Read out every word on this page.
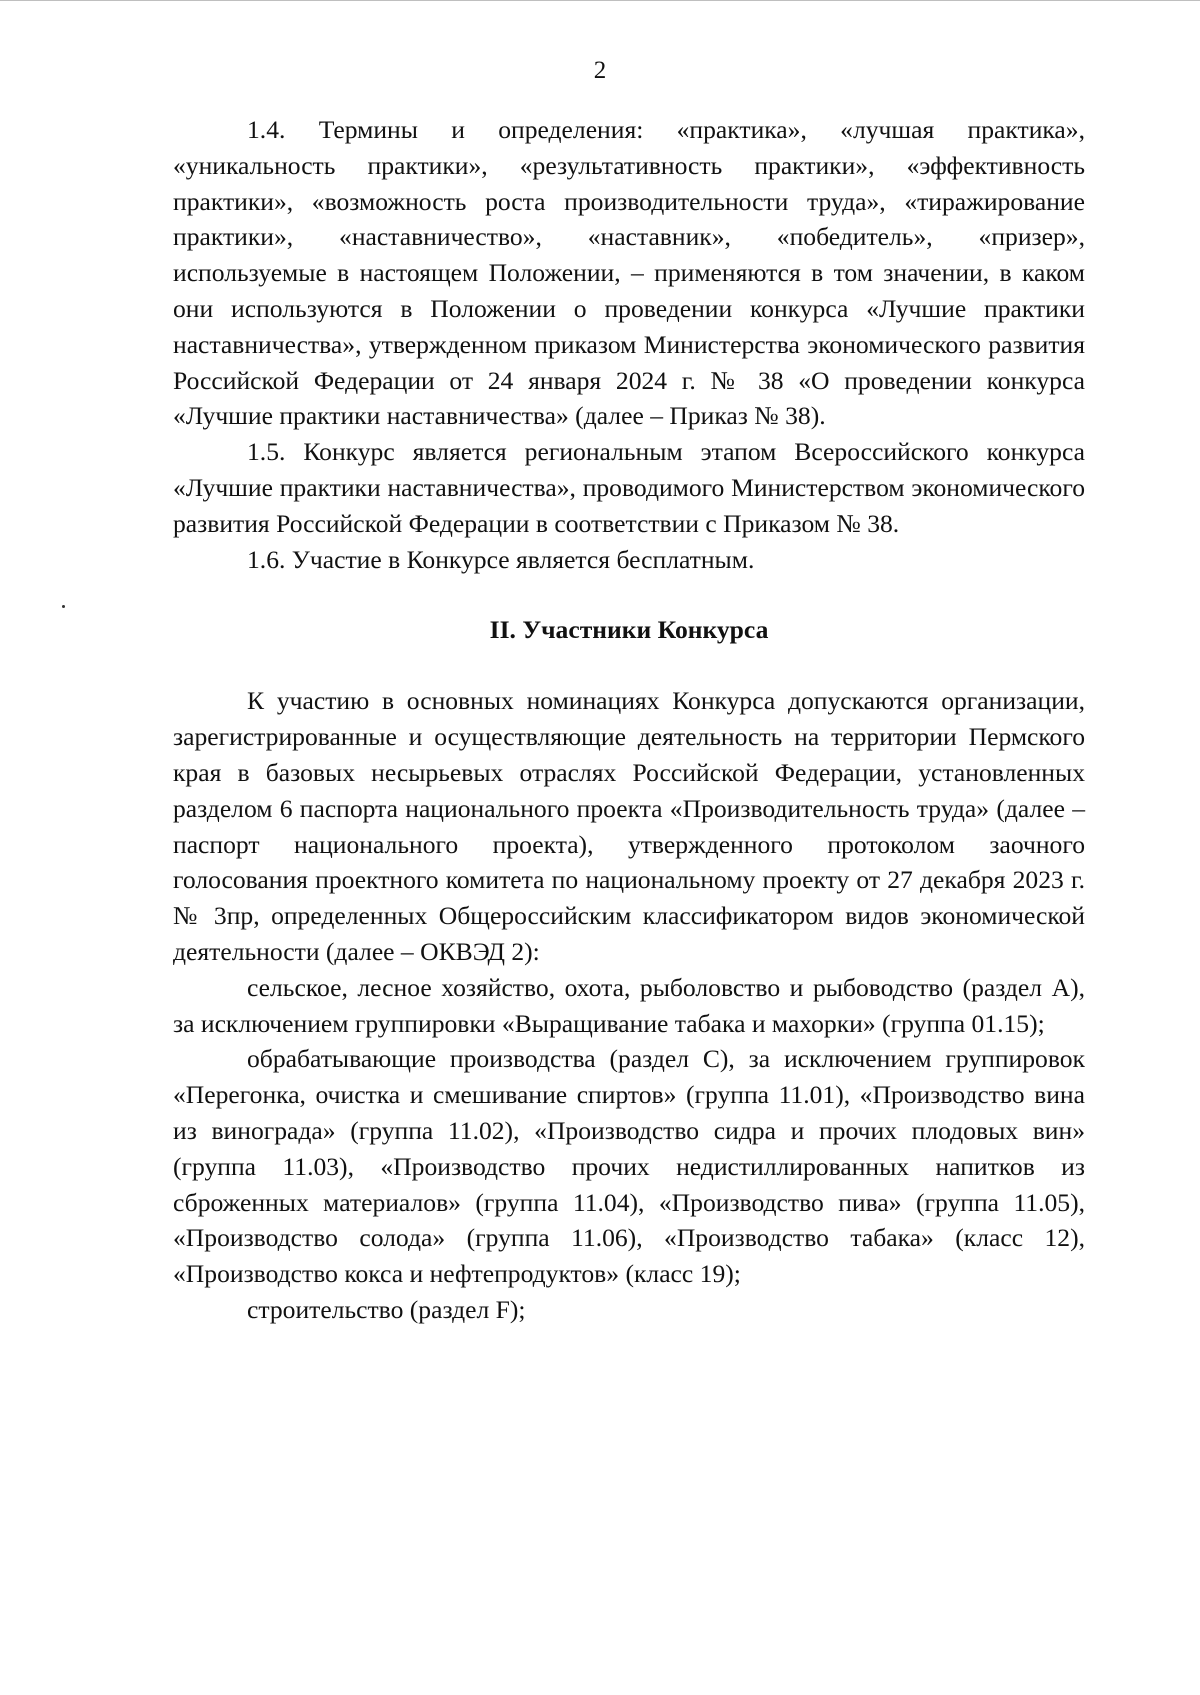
2

1.4. Термины и определения: «практика», «лучшая практика», «уникальность практики», «результативность практики», «эффективность практики», «возможность роста производительности труда», «тиражирование практики», «наставничество», «наставник», «победитель», «призер», используемые в настоящем Положении, – применяются в том значении, в каком они используются в Положении о проведении конкурса «Лучшие практики наставничества», утвержденном приказом Министерства экономического развития Российской Федерации от 24 января 2024 г. № 38 «О проведении конкурса «Лучшие практики наставничества» (далее – Приказ № 38).

1.5. Конкурс является региональным этапом Всероссийского конкурса «Лучшие практики наставничества», проводимого Министерством экономического развития Российской Федерации в соответствии с Приказом № 38.

1.6. Участие в Конкурсе является бесплатным.

II. Участники Конкурса

К участию в основных номинациях Конкурса допускаются организации, зарегистрированные и осуществляющие деятельность на территории Пермского края в базовых несырьевых отраслях Российской Федерации, установленных разделом 6 паспорта национального проекта «Производительность труда» (далее – паспорт национального проекта), утвержденного протоколом заочного голосования проектного комитета по национальному проекту от 27 декабря 2023 г. № 3пр, определенных Общероссийским классификатором видов экономической деятельности (далее – ОКВЭД 2):

сельское, лесное хозяйство, охота, рыболовство и рыбоводство (раздел А), за исключением группировки «Выращивание табака и махорки» (группа 01.15);

обрабатывающие производства (раздел С), за исключением группировок «Перегонка, очистка и смешивание спиртов» (группа 11.01), «Производство вина из винограда» (группа 11.02), «Производство сидра и прочих плодовых вин» (группа 11.03), «Производство прочих недистиллированных напитков из сброженных материалов» (группа 11.04), «Производство пива» (группа 11.05), «Производство солода» (группа 11.06), «Производство табака» (класс 12), «Производство кокса и нефтепродуктов» (класс 19);

строительство (раздел F);
